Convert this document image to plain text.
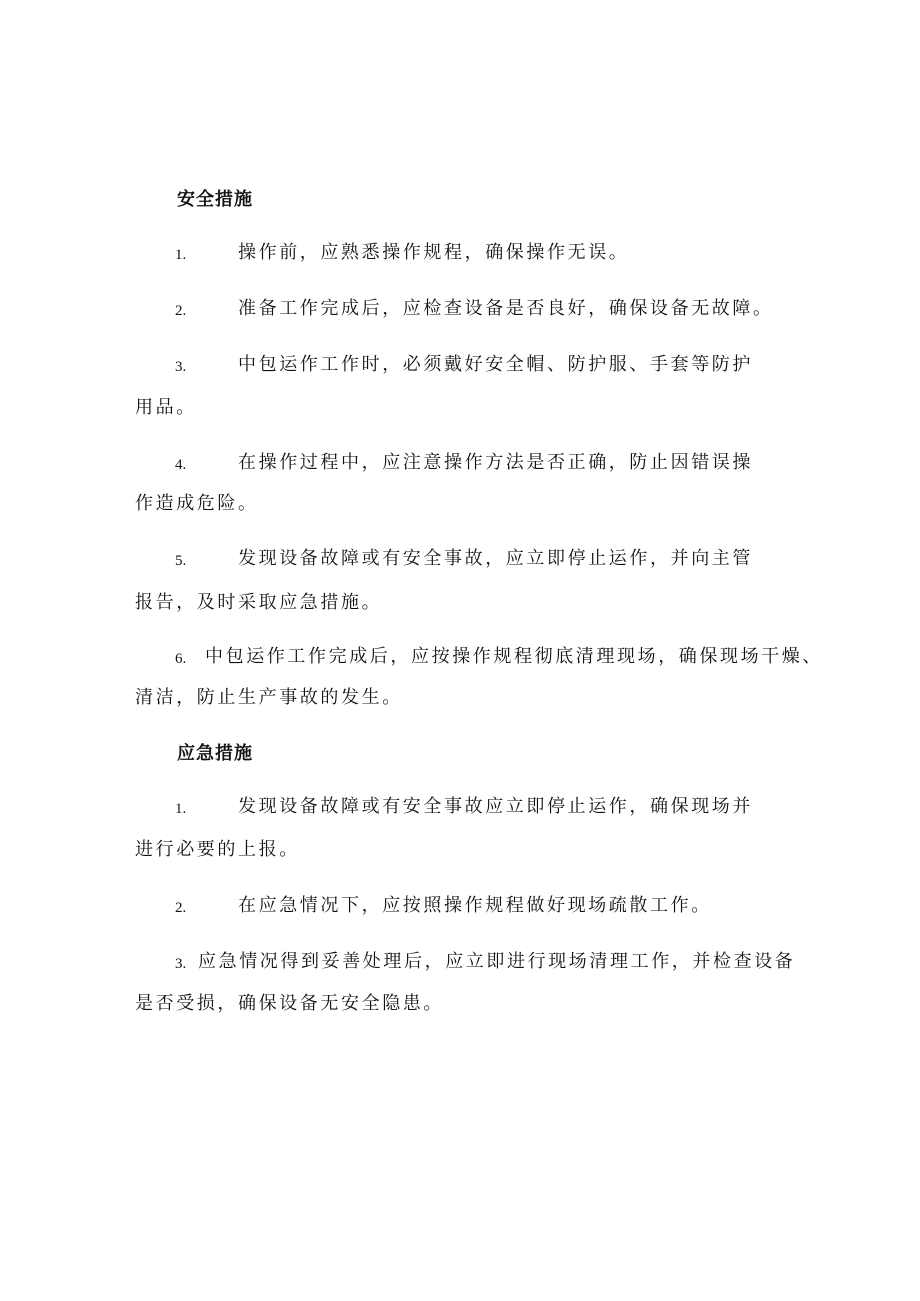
安全措施
1.	操作前，应熟悉操作规程，确保操作无误。
2.	准备工作完成后，应检查设备是否良好，确保设备无故障。
3.	中包运作工作时，必须戴好安全帽、防护服、手套等防护
用品。
4.	在操作过程中，应注意操作方法是否正确，防止因错误操
作造成危险。
5.	发现设备故障或有安全事故，应立即停止运作，并向主管
报告，及时采取应急措施。
6. 中包运作工作完成后，应按操作规程彻底清理现场，确保现场干燥、
清洁，防止生产事故的发生。
应急措施
1.	发现设备故障或有安全事故应立即停止运作，确保现场并
进行必要的上报。
2.	在应急情况下，应按照操作规程做好现场疏散工作。
3. 应急情况得到妥善处理后，应立即进行现场清理工作，并检查设备
是否受损，确保设备无安全隐患。
